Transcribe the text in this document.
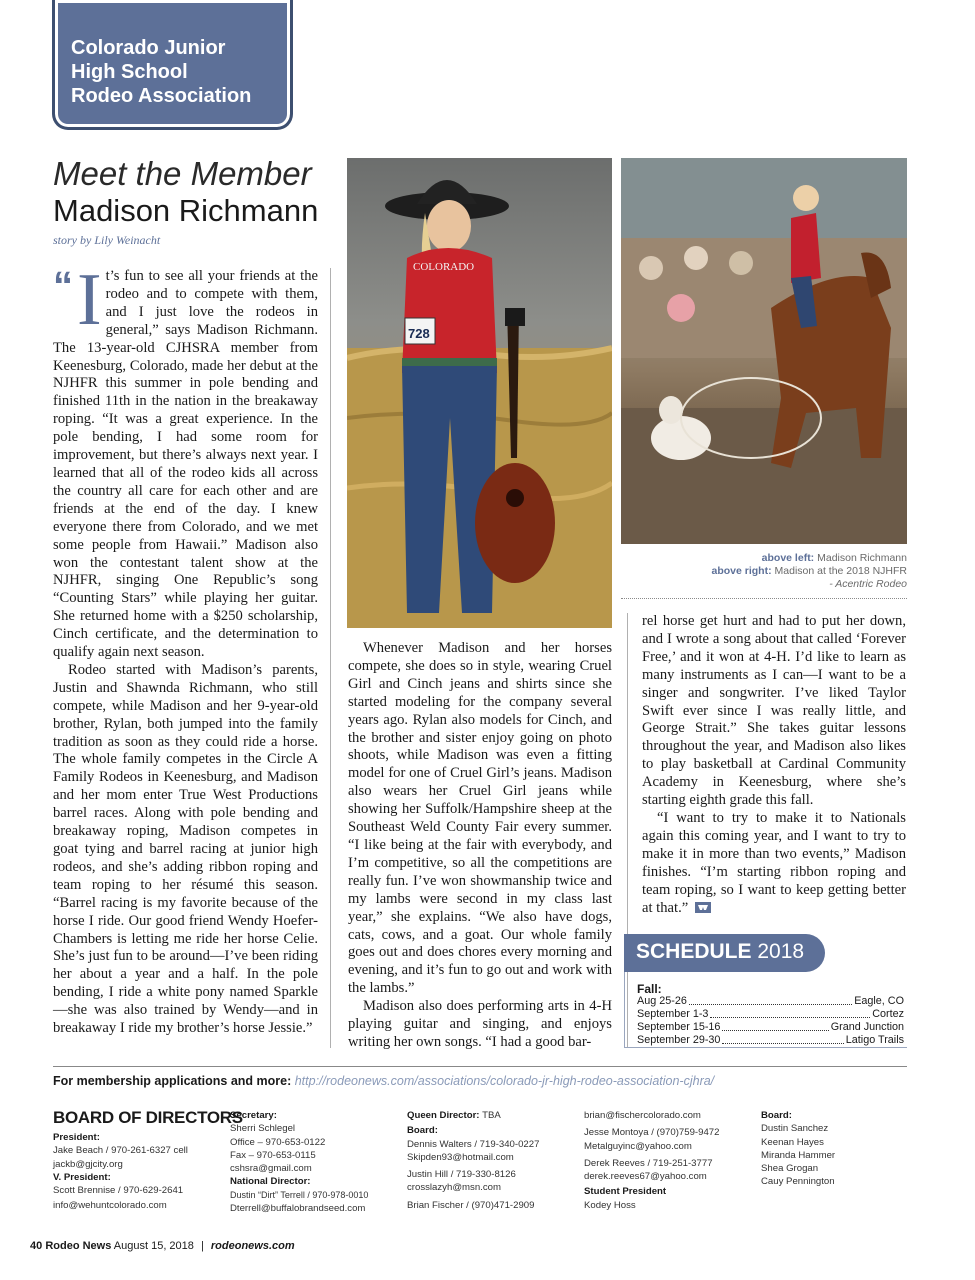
Colorado Junior
High School
Rodeo Association
Meet the Member
Madison Richmann
story by Lily Weinacht

“ I t’s fun to see all your friends at the rodeo and to compete with them, and I just love the rodeos in general,” says Madison Richmann. The 13-year-old CJHSRA member from Keenesburg, Colorado, made her debut at the NJHFR this summer in pole bending and finished 11th in the nation in the breakaway roping. “It was a great experience. In the pole bending, I had some room for improvement, but there’s always next year. I learned that all of the rodeo kids all across the country all care for each other and are friends at the end of the day. I knew everyone there from Colorado, and we met some people from Hawaii.” Madison also won the contestant talent show at the NJHFR, singing One Republic’s song “Counting Stars” while playing her guitar. She returned home with a $250 scholarship, Cinch certificate, and the determination to qualify again next season.

Rodeo started with Madison’s parents, Justin and Shawnda Richmann, who still compete, while Madison and her 9-year-old brother, Rylan, both jumped into the family tradition as soon as they could ride a horse. The whole family competes in the Circle A Family Rodeos in Keenesburg, and Madison and her mom enter True West Productions barrel races. Along with pole bending and breakaway roping, Madison competes in goat tying and barrel racing at junior high rodeos, and she’s adding ribbon roping and team roping to her résumé this season. “Barrel racing is my favorite because of the horse I ride. Our good friend Wendy Hoefer-Chambers is letting me ride her horse Celie. She’s just fun to be around—I’ve been riding her about a year and a half. In the pole bending, I ride a white pony named Sparkle—she was also trained by Wendy—and in breakaway I ride my brother’s horse Jessie.”

COLORADO
728
above left: Madison Richmann
above right: Madison at the 2018 NJHFR
- Acentric Rodeo

Whenever Madison and her horses compete, she does so in style, wearing Cruel Girl and Cinch jeans and shirts since she started modeling for the company several years ago. Rylan also models for Cinch, and the brother and sister enjoy going on photo shoots, while Madison was even a fitting model for one of Cruel Girl’s jeans. Madison also wears her Cruel Girl jeans while showing her Suffolk/Hampshire sheep at the Southeast Weld County Fair every summer. “I like being at the fair with everybody, and I’m competitive, so all the competitions are really fun. I’ve won showmanship twice and my lambs were second in my class last year,” she explains. “We also have dogs, cats, cows, and a goat. Our whole family goes out and does chores every morning and evening, and it’s fun to go out and work with the lambs.”

Madison also does performing arts in 4-H playing guitar and singing, and enjoys writing her own songs. “I had a good bar-

rel horse get hurt and had to put her down, and I wrote a song about that called ‘Forever Free,’ and it won at 4-H. I’d like to learn as many instruments as I can—I want to be a singer and songwriter. I’ve liked Taylor Swift ever since I was really little, and George Strait.” She takes guitar lessons throughout the year, and Madison also likes to play basketball at Cardinal Community Academy in Keenesburg, where she’s starting eighth grade this fall.

“I want to try to make it to Nationals again this coming year, and I want to try to make it in more than two events,” Madison finishes. “I’m starting ribbon roping and team roping, so I want to keep getting better at that.”

SCHEDULE 2018
Fall:
Aug 25-26	Eagle, CO
September 1-3	Cortez
September 15-16	Grand Junction
September 29-30	Latigo Trails
For membership applications and more: http://rodeonews.com/associations/colorado-jr-high-rodeo-association-cjhra/
BOARD OF DIRECTORS
President:
Jake Beach / 970-261-6327 cell
jackb@gjcity.org
V. President:
Scott Brennise / 970-629-2641
info@wehuntcolorado.com
Secretary:
Sherri Schlegel
Office – 970-653-0122
Fax – 970-653-0115
cshsra@gmail.com
National Director:
Dustin “Dirt” Terrell / 970-978-0010
Dterrell@buffalobrandseed.com
Queen Director: TBA
Board:
Dennis Walters / 719-340-0227
Skipden93@hotmail.com
Justin Hill / 719-330-8126
crosslazyh@msn.com
Brian Fischer / (970)471-2909
brian@fischercolorado.com
Jesse Montoya / (970)759-9472
Metalguyinc@yahoo.com
Derek Reeves / 719-251-3777
derek.reeves67@yahoo.com
Student President
Kodey Hoss
Board:
Dustin Sanchez
Keenan Hayes
Miranda Hammer
Shea Grogan
Cauy Pennington
40 Rodeo News August 15, 2018 | rodeonews.com
